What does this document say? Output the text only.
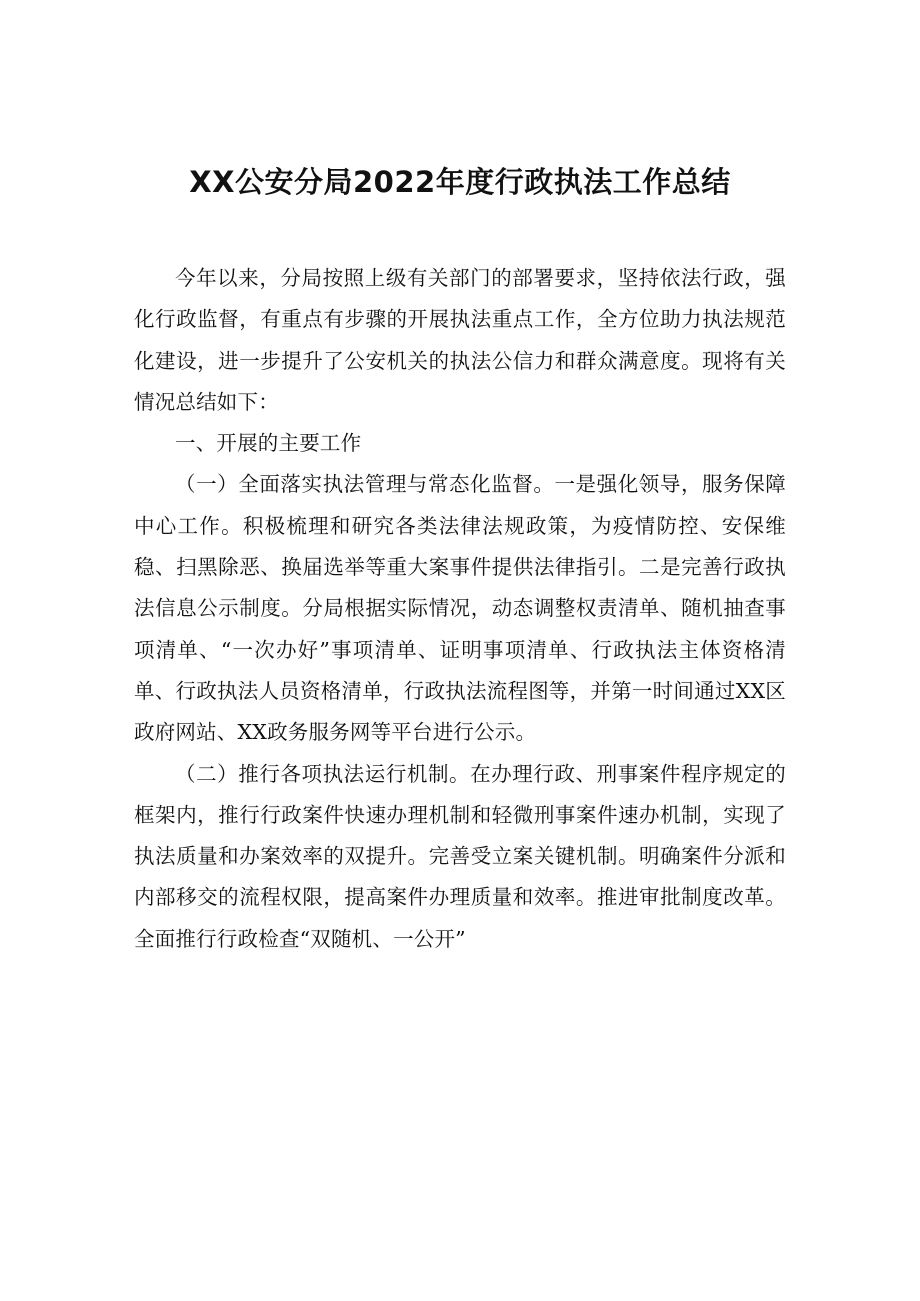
XX公安分局2022年度行政执法工作总结

今年以来，分局按照上级有关部门的部署要求，坚持依法行政，强化行政监督，有重点有步骤的开展执法重点工作，全方位助力执法规范化建设，进一步提升了公安机关的执法公信力和群众满意度。现将有关情况总结如下：

一、开展的主要工作

（一）全面落实执法管理与常态化监督。一是强化领导，服务保障中心工作。积极梳理和研究各类法律法规政策，为疫情防控、安保维稳、扫黑除恶、换届选举等重大案事件提供法律指引。二是完善行政执法信息公示制度。分局根据实际情况，动态调整权责清单、随机抽查事项清单、“一次办好”事项清单、证明事项清单、行政执法主体资格清单、行政执法人员资格清单，行政执法流程图等，并第一时间通过XX区政府网站、XX政务服务网等平台进行公示。

（二）推行各项执法运行机制。在办理行政、刑事案件程序规定的框架内，推行行政案件快速办理机制和轻微刑事案件速办机制，实现了执法质量和办案效率的双提升。完善受立案关键机制。明确案件分派和内部移交的流程权限，提高案件办理质量和效率。推进审批制度改革。全面推行行政检查“双随机、一公开”
